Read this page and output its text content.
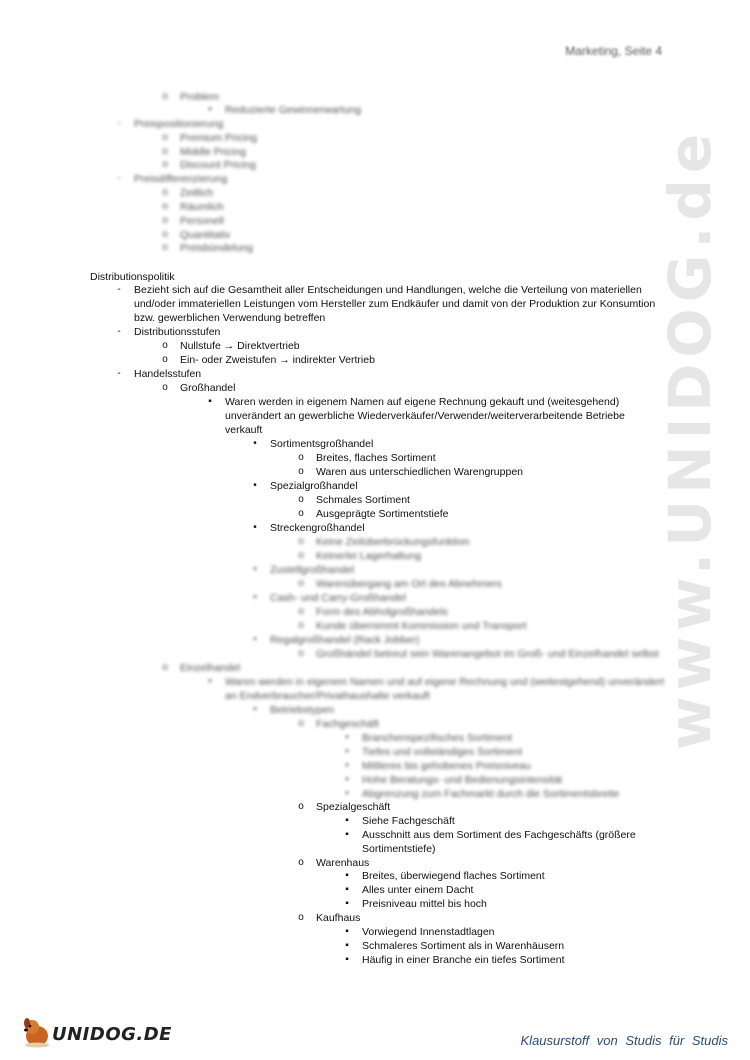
Marketing, Seite 4
www.UNIDOG.de
o	Problem
▪	Reduzierte Gewinnerwartung
-	Preispositionierung
o	Premium Pricing
o	Middle Pricing
o	Discount Pricing
-	Preisdifferenzierung
o	Zeitlich
o	Räumlich
o	Personell
o	Quantitativ
o	Preisbündelung
Distributionspolitik
-	Bezieht sich auf die Gesamtheit aller Entscheidungen und Handlungen, welche die Verteilung von materiellen
und/oder immateriellen Leistungen vom Hersteller zum Endkäufer und damit von der Produktion zur Konsumtion
bzw. gewerblichen Verwendung betreffen
-	Distributionsstufen
o	Nullstufe → Direktvertrieb
o	Ein- oder Zweistufen → indirekter Vertrieb
-	Handelsstufen
o	Großhandel
▪	Waren werden in eigenem Namen auf eigene Rechnung gekauft und (weitesgehend)
unverändert an gewerbliche Wiederverkäufer/Verwender/weiterverarbeitende Betriebe
verkauft
•	Sortimentsgroßhandel
o	Breites, flaches Sortiment
o	Waren aus unterschiedlichen Warengruppen
•	Spezialgroßhandel
o	Schmales Sortiment
o	Ausgeprägte Sortimentstiefe
•	Streckengroßhandel
o	Keine Zeitüberbrückungsfunktion
o	Keinerlei Lagerhaltung
•	Zustellgroßhandel
o	Warenübergang am Ort des Abnehmers
•	Cash- und Carry-Großhandel
o	Form des Abholgroßhandels
o	Kunde übernimmt Kommission und Transport
•	Regalgroßhandel (Rack Jobber)
o	Großhändel betreut sein Warenangebot im Groß- und Einzelhandel selbst
o	Einzelhandel
▪	Waren werden in eigenem Namen und auf eigene Rechnung und (weitestgehend) unverändert
an Endverbraucher/Privathaushalte verkauft
•	Betriebstypen
o	Fachgeschäft
▪	Branchenspezifisches Sortiment
▪	Tiefes und vollständiges Sortiment
▪	Mittleres bis gehobenes Preisniveau
▪	Hohe Beratungs- und Bedienungsintensität
▪	Abgrenzung zum Fachmarkt durch die Sortimentsbreite
o	Spezialgeschäft
▪	Siehe Fachgeschäft
▪	Ausschnitt aus dem Sortiment des Fachgeschäfts (größere
Sortimentstiefe)
o	Warenhaus
▪	Breites, überwiegend flaches Sortiment
▪	Alles unter einem Dacht
▪	Preisniveau mittel bis hoch
o	Kaufhaus
▪	Vorwiegend Innenstadtlagen
▪	Schmaleres Sortiment als in Warenhäusern
▪	Häufig in einer Branche ein tiefes Sortiment
UNIDOG.DE	Klausurstoff von Studis für Studis
